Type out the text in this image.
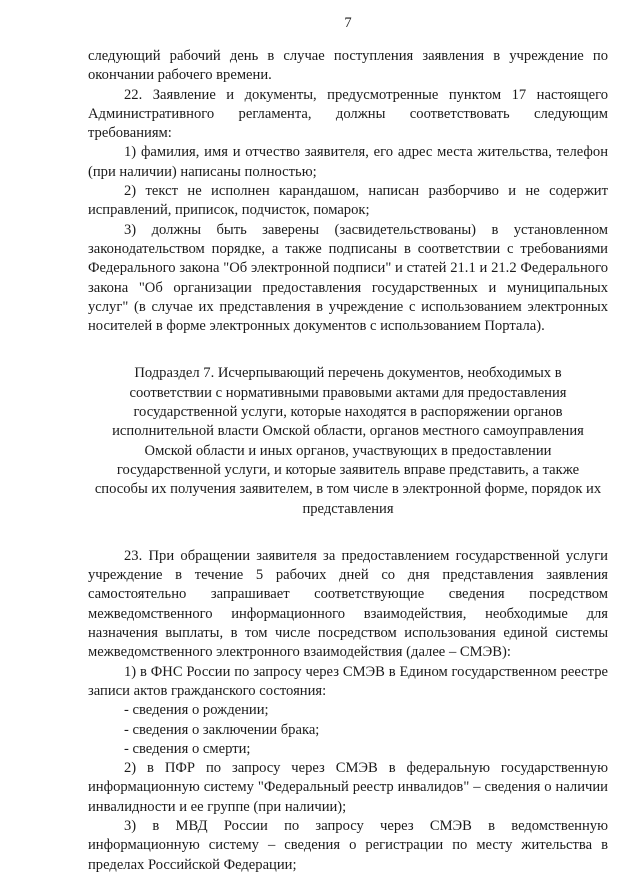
7

следующий рабочий день в случае поступления заявления в учреждение по окончании рабочего времени.

22. Заявление и документы, предусмотренные пунктом 17 настоящего Административного регламента, должны соответствовать следующим требованиям:

1) фамилия, имя и отчество заявителя, его адрес места жительства, телефон (при наличии) написаны полностью;

2) текст не исполнен карандашом, написан разборчиво и не содержит исправлений, приписок, подчисток, помарок;

3) должны быть заверены (засвидетельствованы) в установленном законодательством порядке, а также подписаны в соответствии с требованиями Федерального закона "Об электронной подписи" и статей 21.1 и 21.2 Федерального закона "Об организации предоставления государственных и муниципальных услуг" (в случае их представления в учреждение с использованием электронных носителей в форме электронных документов с использованием Портала).

Подраздел 7. Исчерпывающий перечень документов, необходимых в соответствии с нормативными правовыми актами для предоставления государственной услуги, которые находятся в распоряжении органов исполнительной власти Омской области, органов местного самоуправления Омской области и иных органов, участвующих в предоставлении государственной услуги, и которые заявитель вправе представить, а также способы их получения заявителем, в том числе в электронной форме, порядок их представления

23. При обращении заявителя за предоставлением государственной услуги учреждение в течение 5 рабочих дней со дня представления заявления самостоятельно запрашивает соответствующие сведения посредством межведомственного информационного взаимодействия, необходимые для назначения выплаты, в том числе посредством использования единой системы межведомственного электронного взаимодействия (далее – СМЭВ):

1) в ФНС России по запросу через СМЭВ в Едином государственном реестре записи актов гражданского состояния:

- сведения о рождении;

- сведения о заключении брака;

- сведения о смерти;

2) в ПФР по запросу через СМЭВ в федеральную государственную информационную систему "Федеральный реестр инвалидов" – сведения о наличии инвалидности и ее группе (при наличии);

3) в МВД России по запросу через СМЭВ в ведомственную информационную систему – сведения о регистрации по месту жительства в пределах Российской Федерации;
